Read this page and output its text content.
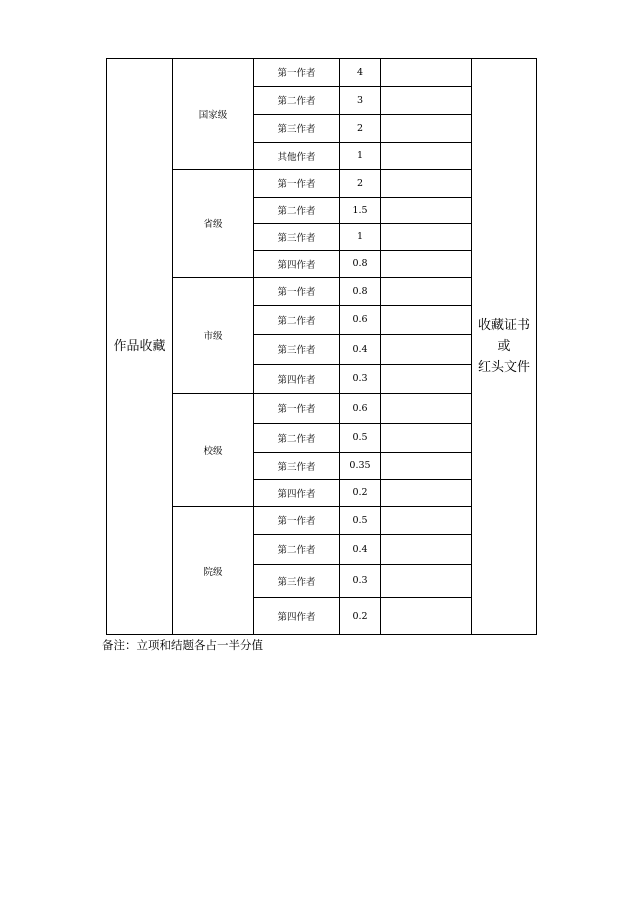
作品收藏
收藏证书
或
红头文件
国家级
第一作者	4
第二作者	3
第三作者	2
其他作者	1
省级
第一作者	2
第二作者	1.5
第三作者	1
第四作者	0.8
市级
第一作者	0.8
第二作者	0.6
第三作者	0.4
第四作者	0.3
校级
第一作者	0.6
第二作者	0.5
第三作者	0.35
第四作者	0.2
院级
第一作者	0.5
第二作者	0.4
第三作者	0.3
第四作者	0.2
备注：立项和结题各占一半分值
